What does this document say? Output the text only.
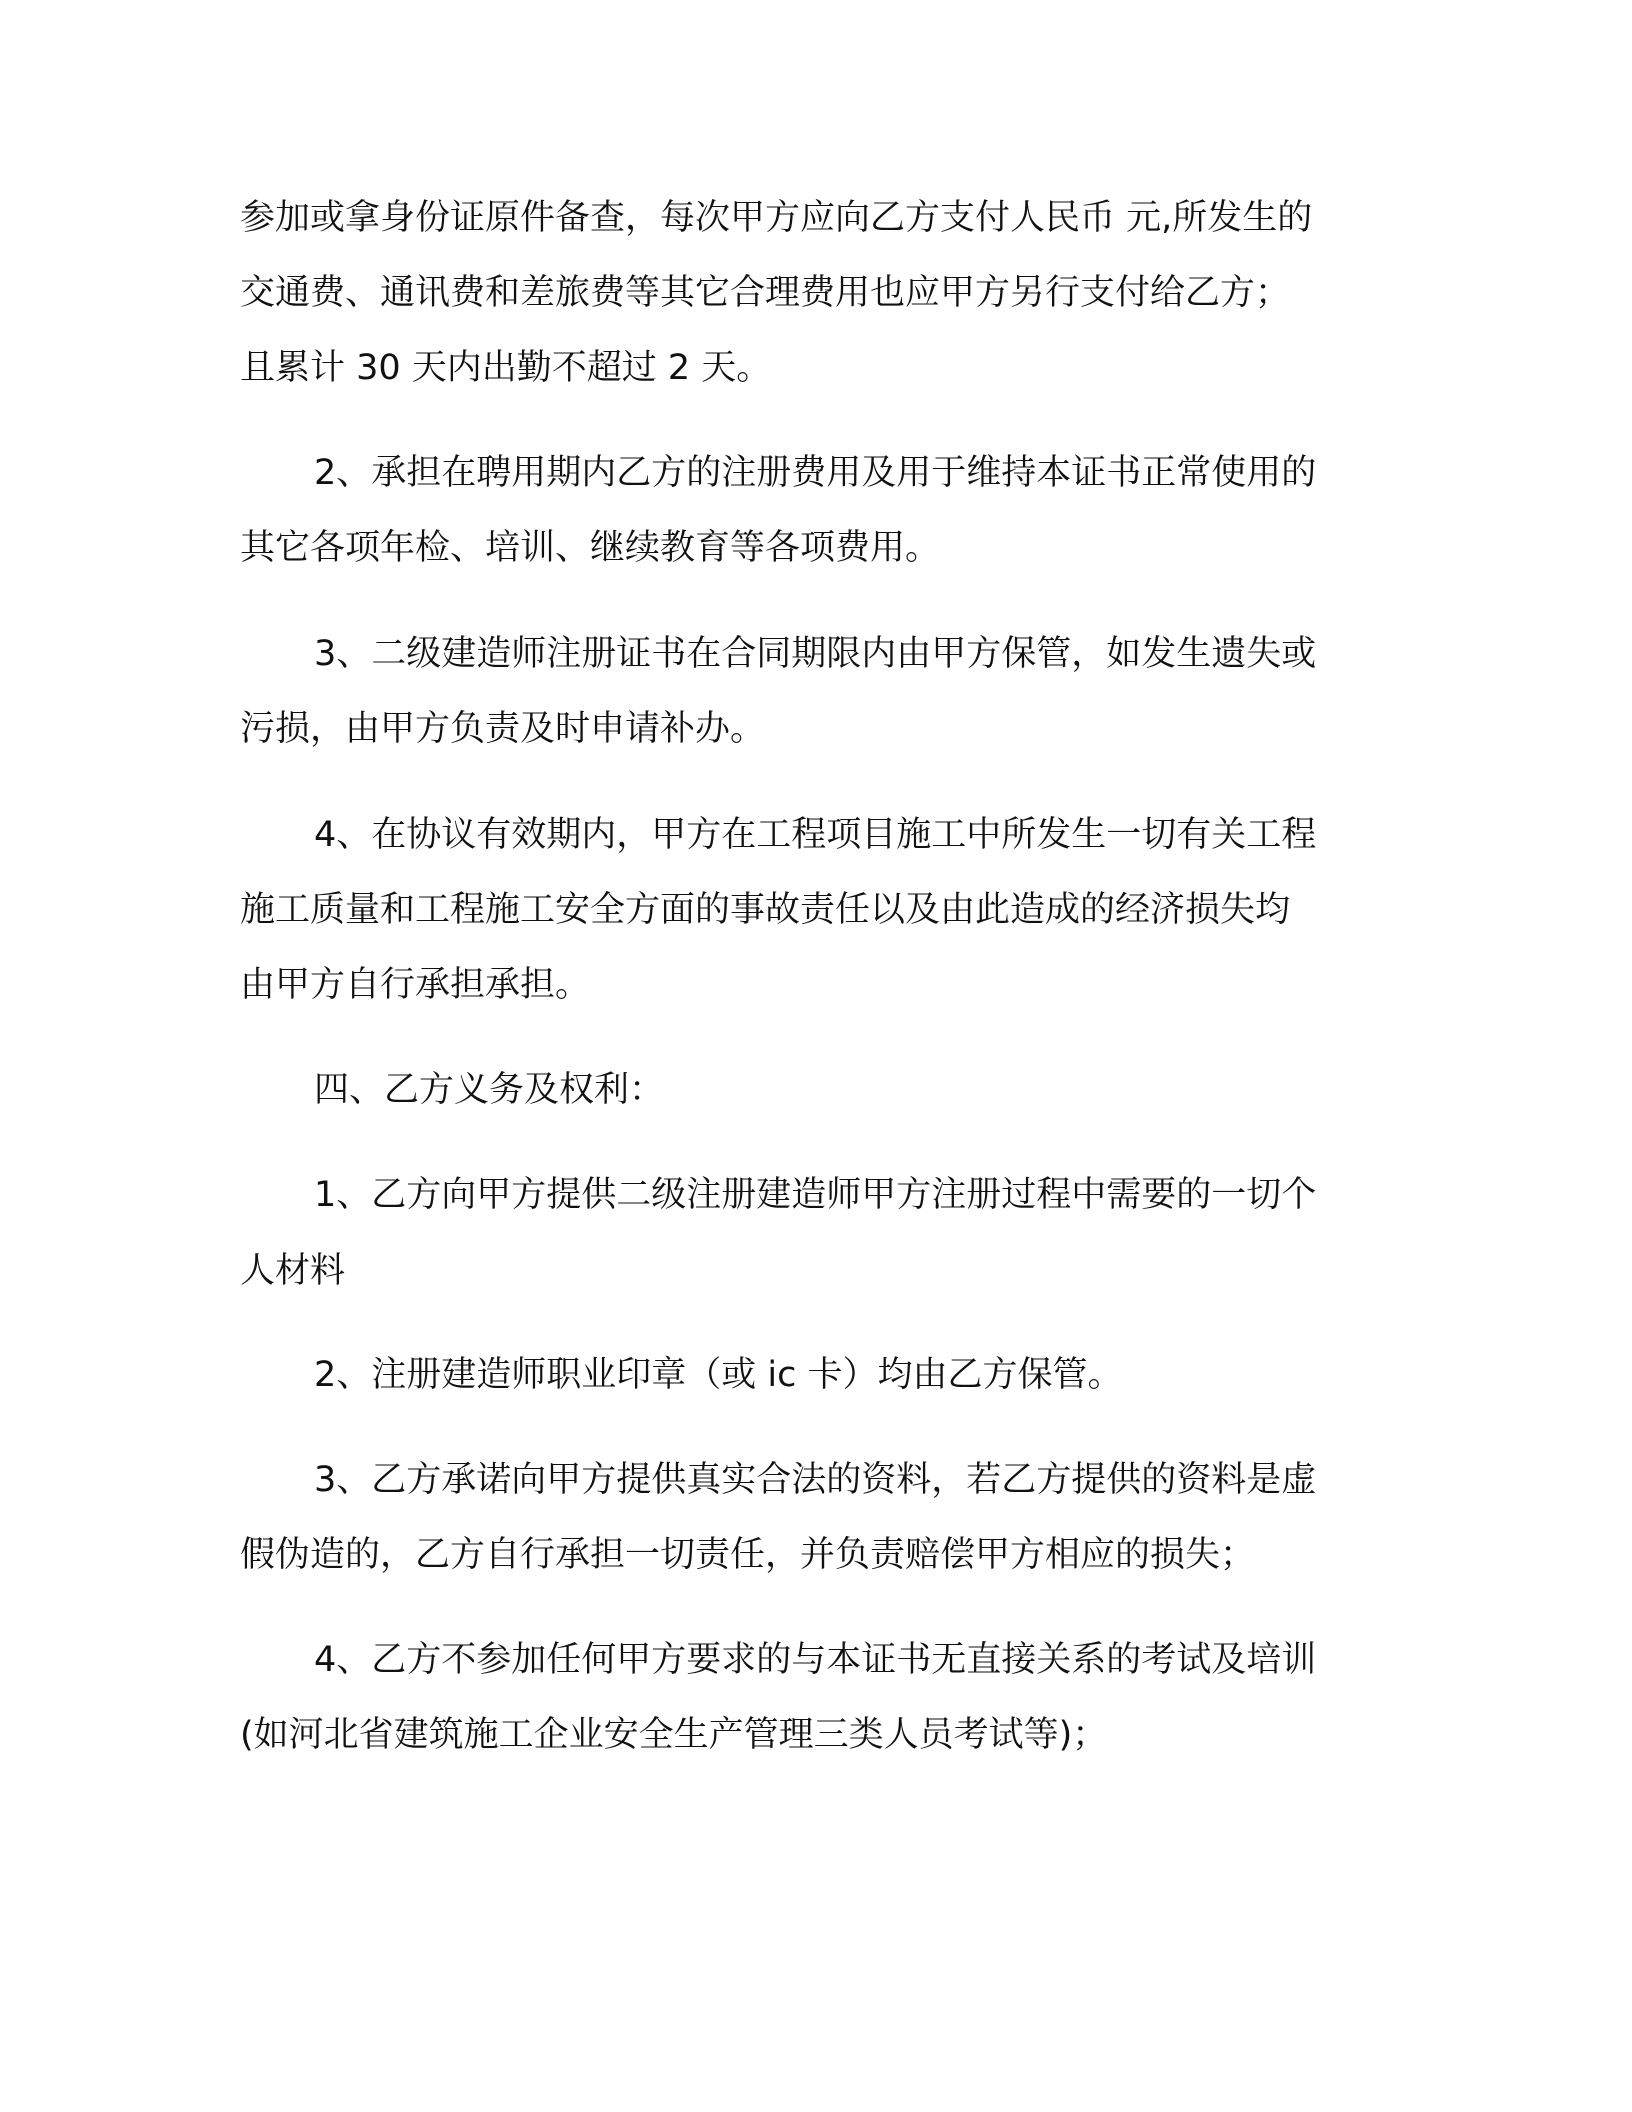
参加或拿身份证原件备查，每次甲方应向乙方支付人民币 元,所发生的
交通费、通讯费和差旅费等其它合理费用也应甲方另行支付给乙方；
且累计 30 天内出勤不超过 2 天。
2、承担在聘用期内乙方的注册费用及用于维持本证书正常使用的
其它各项年检、培训、继续教育等各项费用。
3、二级建造师注册证书在合同期限内由甲方保管，如发生遗失或
污损，由甲方负责及时申请补办。
4、在协议有效期内，甲方在工程项目施工中所发生一切有关工程
施工质量和工程施工安全方面的事故责任以及由此造成的经济损失均
由甲方自行承担承担。
四、乙方义务及权利：
1、乙方向甲方提供二级注册建造师甲方注册过程中需要的一切个
人材料
2、注册建造师职业印章（或 ic 卡）均由乙方保管。
3、乙方承诺向甲方提供真实合法的资料，若乙方提供的资料是虚
假伪造的，乙方自行承担一切责任，并负责赔偿甲方相应的损失；
4、乙方不参加任何甲方要求的与本证书无直接关系的考试及培训
(如河北省建筑施工企业安全生产管理三类人员考试等)；
